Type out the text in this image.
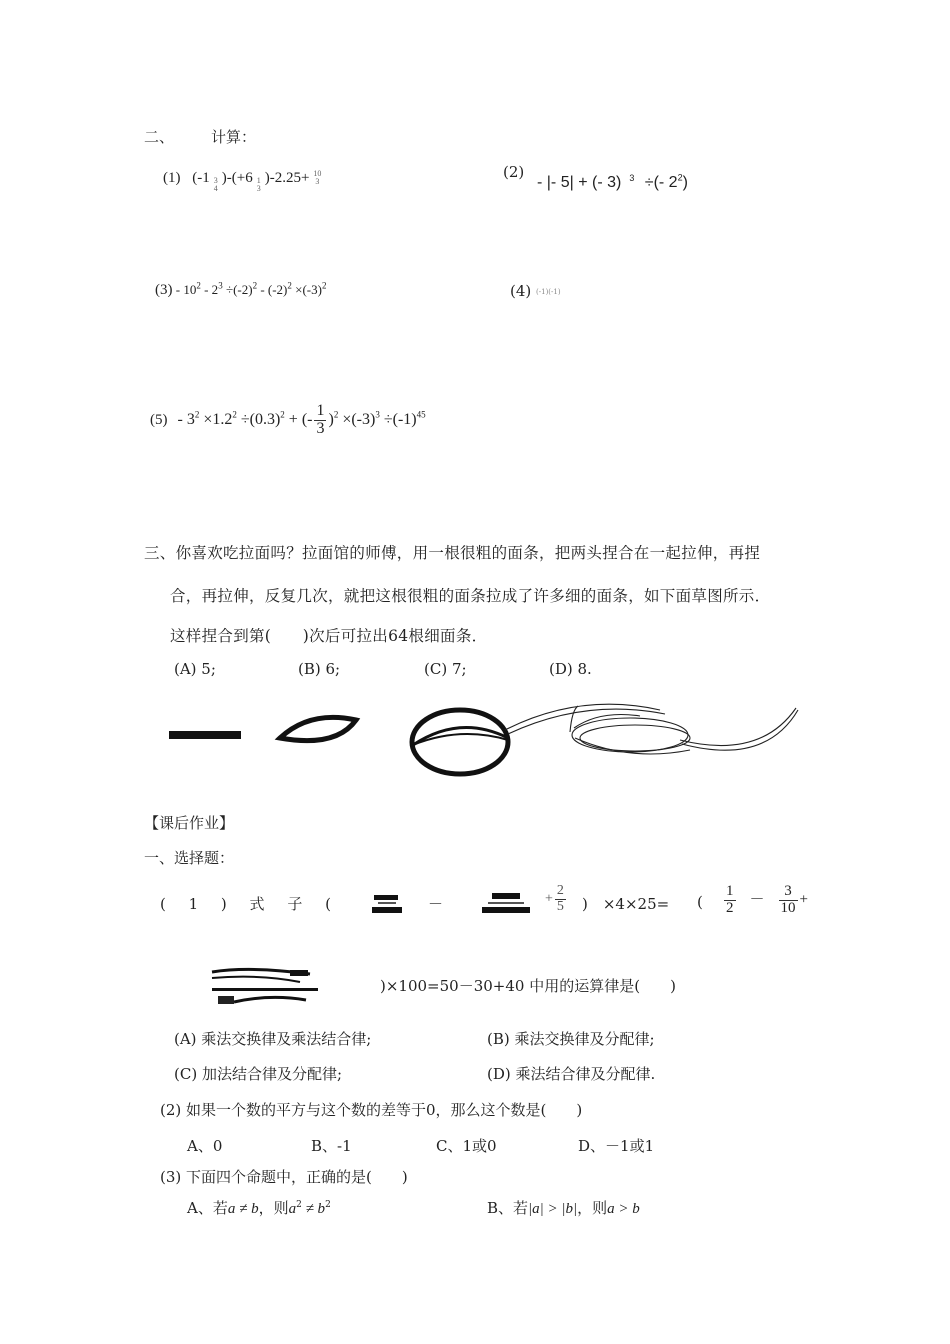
二、 计算：
(1) (-1 3
4
)-(+6 1
3
)-2.25+ 10
3
(2)
- |- 5| + (- 3) $^3$ ÷(- $2^2$)
$(3) - 10^2 - 2^3 \div(-2)^2 - (-2)^2 \times(-3)^2$	(4) (-1)(-1)
$(5) - 3^2 \times 1.2^2 \div(0.3)^2$ + (- $\frac{1}{3} )^2 \times(-3)^3 \div(-1)^{45}$
三、你喜欢吃拉面吗？拉面馆的师傅，用一根很粗的面条，把两头捏合在一起拉伸，再捏
合，再拉伸，反复几次，就把这根很粗的面条拉成了许多细的面条，如下面草图所示．
这样捏合到第(　　)次后可拉出64根细面条．
(A) 5;	(B) 6;	(C) 7;	(D) 8.
【课后作业】
一、选择题：
( 1 ) 式 子 (	－	+ $\frac{2}{5}$ )　×4×25= ( $\frac{1}{2} - \frac{3}{10}$ +
)×100=50－30+40 中用的运算律是(　　)
(A) 乘法交换律及乘法结合律;	(B) 乘法交换律及分配律;
(C) 加法结合律及分配律;	(D) 乘法结合律及分配律.
(2) 如果一个数的平方与这个数的差等于0，那么这个数是(　　)
A、0	B、-1	C、1或0	D、－1或1
(3) 下面四个命题中，正确的是(　　)
A、若a ≠ b，则$a^2 \ne b^2$	B、若|a| > |b|，则a > b
